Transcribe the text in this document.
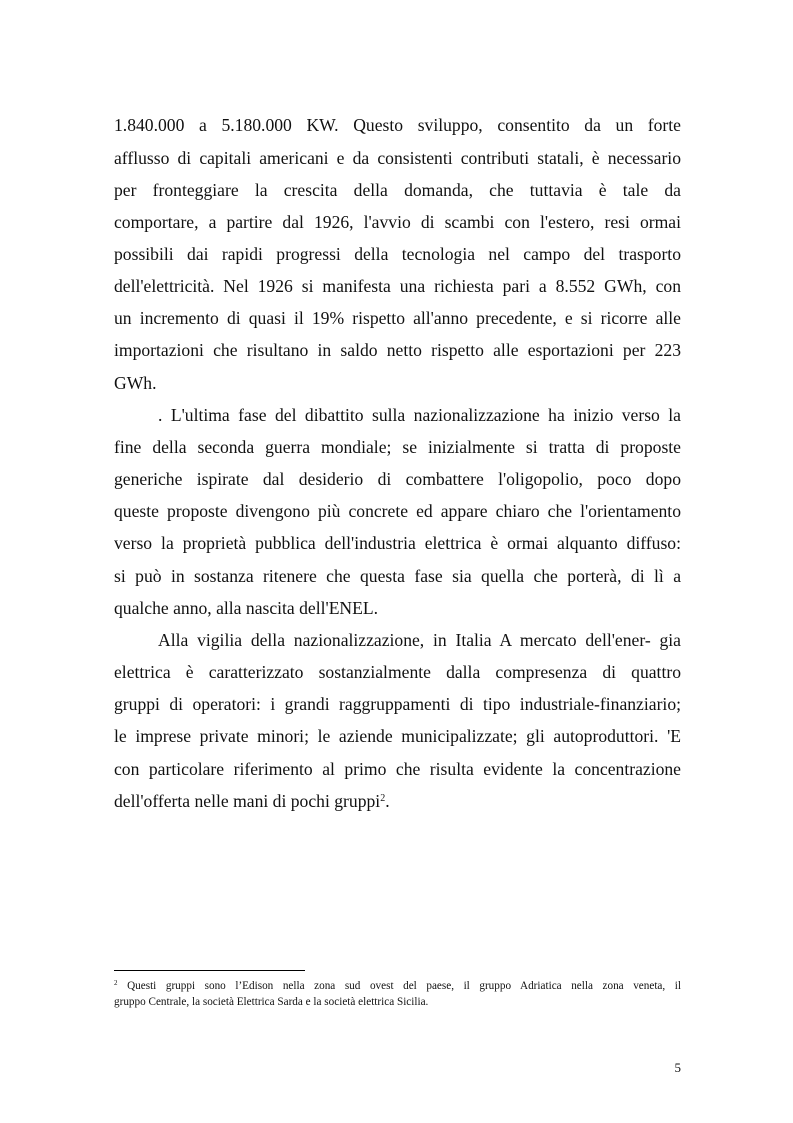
1.840.000 a 5.180.000 KW. Questo sviluppo, consentito da un forte

afflusso di capitali americani e da consistenti contributi statali, è necessario

per fronteggiare la crescita della domanda, che tuttavia è tale da

comportare, a partire dal 1926, l'avvio di scambi con l'estero, resi ormai

possibili dai rapidi progressi della tecnologia nel campo del trasporto

dell'elettricità. Nel 1926 si manifesta una richiesta pari a 8.552 GWh, con

un incremento di quasi il 19% rispetto all'anno precedente, e si ricorre alle

importazioni che risultano in saldo netto rispetto alle esportazioni per 223

GWh.

. L'ultima fase del dibattito sulla nazionalizzazione ha inizio verso la

fine della seconda guerra mondiale; se inizialmente si tratta di proposte

generiche ispirate dal desiderio di combattere l'oligopolio, poco dopo

queste proposte divengono più concrete ed appare chiaro che l'orientamento

verso la proprietà pubblica dell'industria elettrica è ormai alquanto diffuso:

si può in sostanza ritenere che questa fase sia quella che porterà, di lì a

qualche anno, alla nascita dell'ENEL.

Alla vigilia della nazionalizzazione, in Italia A mercato dell'ener- gia

elettrica è caratterizzato sostanzialmente dalla compresenza di quattro

gruppi di operatori: i grandi raggruppamenti di tipo industriale-finanziario;

le imprese private minori; le aziende municipalizzate; gli autoproduttori. 'E

con particolare riferimento al primo che risulta evidente la concentrazione

dell'offerta nelle mani di pochi gruppi$^2$.

$^2$ Questi gruppi sono l’Edison nella zona sud ovest del paese, il gruppo Adriatica nella zona veneta, il

gruppo Centrale, la società Elettrica Sarda e la società elettrica Sicilia.

5
